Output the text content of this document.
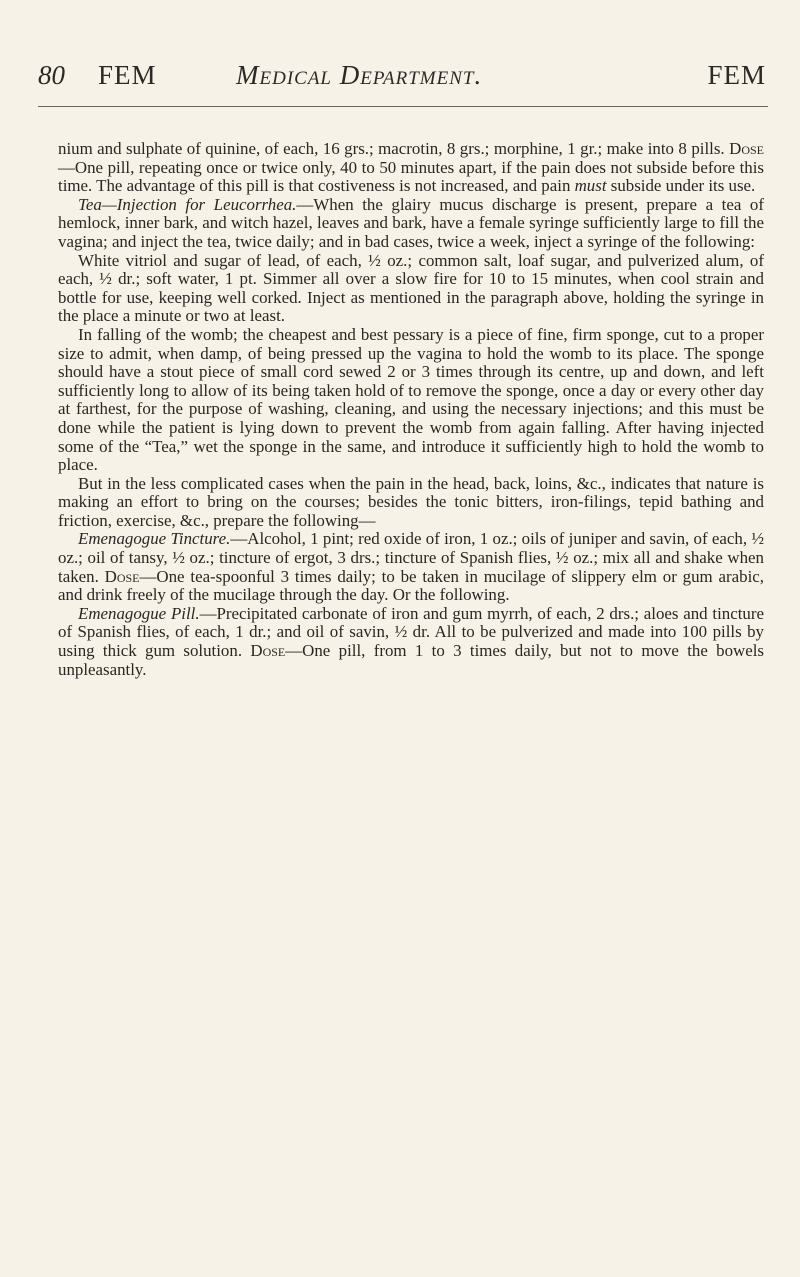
80 FEM	Medical Department.	FEM

nium and sulphate of quinine, of each, 16 grs.; macrotin, 8 grs.; morphine, 1 gr.; make into 8 pills. Dose—One pill, repeating once or twice only, 40 to 50 minutes apart, if the pain does not subside before this time. The advantage of this pill is that costiveness is not increased, and pain must subside under its use.

Tea—Injection for Leucorrhea.—When the glairy mucus discharge is present, prepare a tea of hemlock, inner bark, and witch hazel, leaves and bark, have a female syringe sufficiently large to fill the vagina; and inject the tea, twice daily; and in bad cases, twice a week, inject a syringe of the following:

White vitriol and sugar of lead, of each, ½ oz.; common salt, loaf sugar, and pulverized alum, of each, ½ dr.; soft water, 1 pt. Simmer all over a slow fire for 10 to 15 minutes, when cool strain and bottle for use, keeping well corked. Inject as mentioned in the paragraph above, holding the syringe in the place a minute or two at least.

In falling of the womb; the cheapest and best pessary is a piece of fine, firm sponge, cut to a proper size to admit, when damp, of being pressed up the vagina to hold the womb to its place. The sponge should have a stout piece of small cord sewed 2 or 3 times through its centre, up and down, and left sufficiently long to allow of its being taken hold of to remove the sponge, once a day or every other day at farthest, for the purpose of washing, cleaning, and using the necessary injections; and this must be done while the patient is lying down to prevent the womb from again falling. After having injected some of the “Tea,” wet the sponge in the same, and introduce it sufficiently high to hold the womb to place.

But in the less complicated cases when the pain in the head, back, loins, &c., indicates that nature is making an effort to bring on the courses; besides the tonic bitters, iron-filings, tepid bathing and friction, exercise, &c., prepare the following—

Emenagogue Tincture.—Alcohol, 1 pint; red oxide of iron, 1 oz.; oils of juniper and savin, of each, ½ oz.; oil of tansy, ½ oz.; tincture of ergot, 3 drs.; tincture of Spanish flies, ½ oz.; mix all and shake when taken. Dose—One tea-spoonful 3 times daily; to be taken in mucilage of slippery elm or gum arabic, and drink freely of the mucilage through the day. Or the following.

Emenagogue Pill.—Precipitated carbonate of iron and gum myrrh, of each, 2 drs.; aloes and tincture of Spanish flies, of each, 1 dr.; and oil of savin, ½ dr. All to be pulverized and made into 100 pills by using thick gum solution. Dose—One pill, from 1 to 3 times daily, but not to move the bowels unpleasantly.
